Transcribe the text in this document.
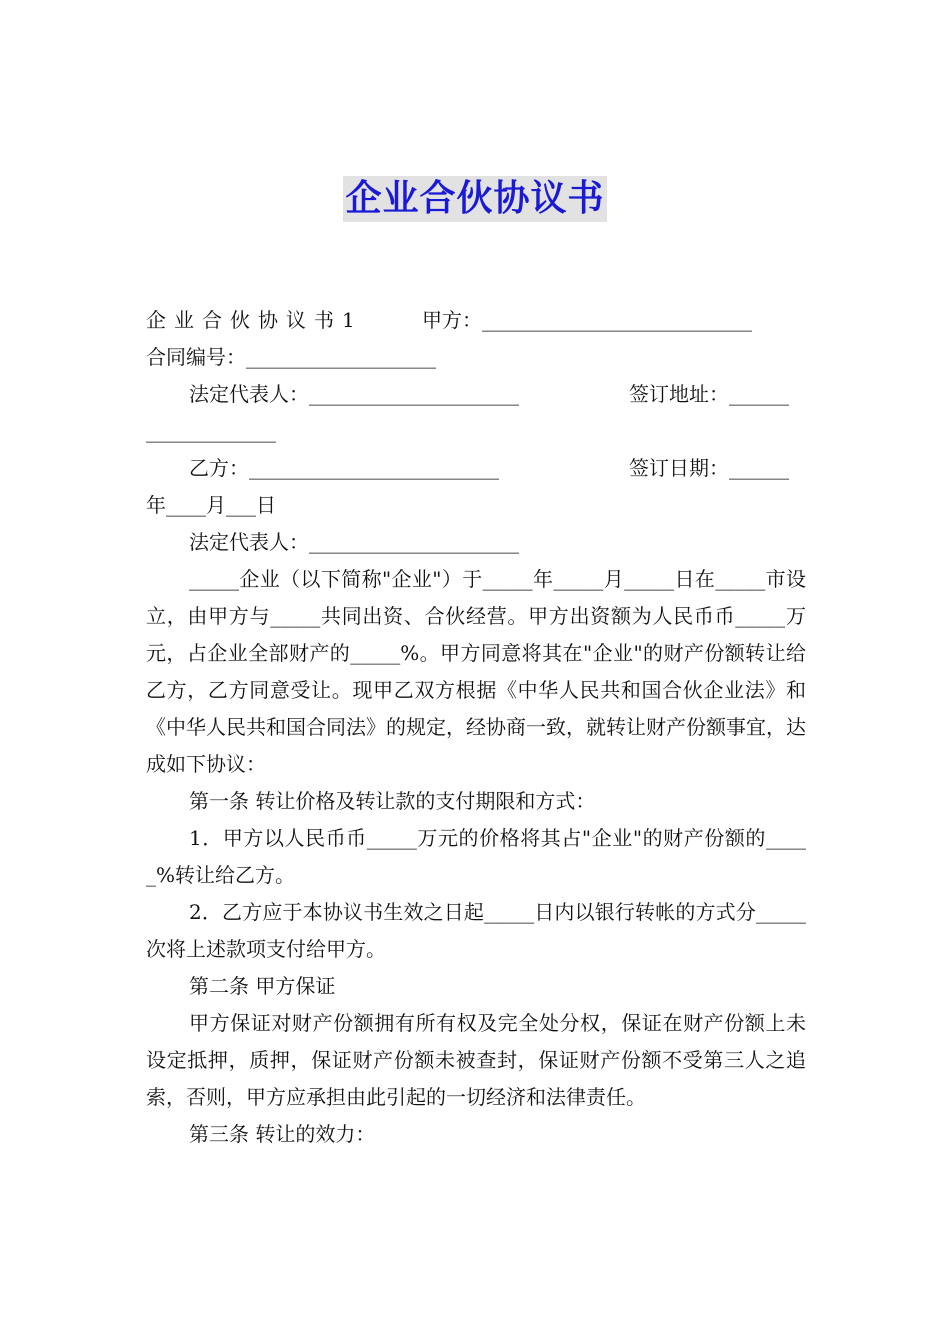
企业合伙协议书
企业合伙协议书1	甲方：___________________________
合同编号：___________________
法定代表人：_____________________	签订地址：______
_____________
乙方：_________________________	签订日期：______
年____月___日
法定代表人：_____________________
_____企业（以下简称"企业"）于_____年_____月_____日在_____市设立，由甲方与_____共同出资、合伙经营。甲方出资额为人民币币_____万元，占企业全部财产的_____%。甲方同意将其在"企业"的财产份额转让给乙方，乙方同意受让。现甲乙双方根据《中华人民共和国合伙企业法》和《中华人民共和国合同法》的规定，经协商一致，就转让财产份额事宜，达成如下协议：
第一条 转让价格及转让款的支付期限和方式：
1．甲方以人民币币_____万元的价格将其占"企业"的财产份额的_____%转让给乙方。
2．乙方应于本协议书生效之日起_____日内以银行转帐的方式分_____次将上述款项支付给甲方。
第二条 甲方保证
甲方保证对财产份额拥有所有权及完全处分权，保证在财产份额上未设定抵押，质押，保证财产份额未被查封，保证财产份额不受第三人之追索，否则，甲方应承担由此引起的一切经济和法律责任。
第三条 转让的效力：
